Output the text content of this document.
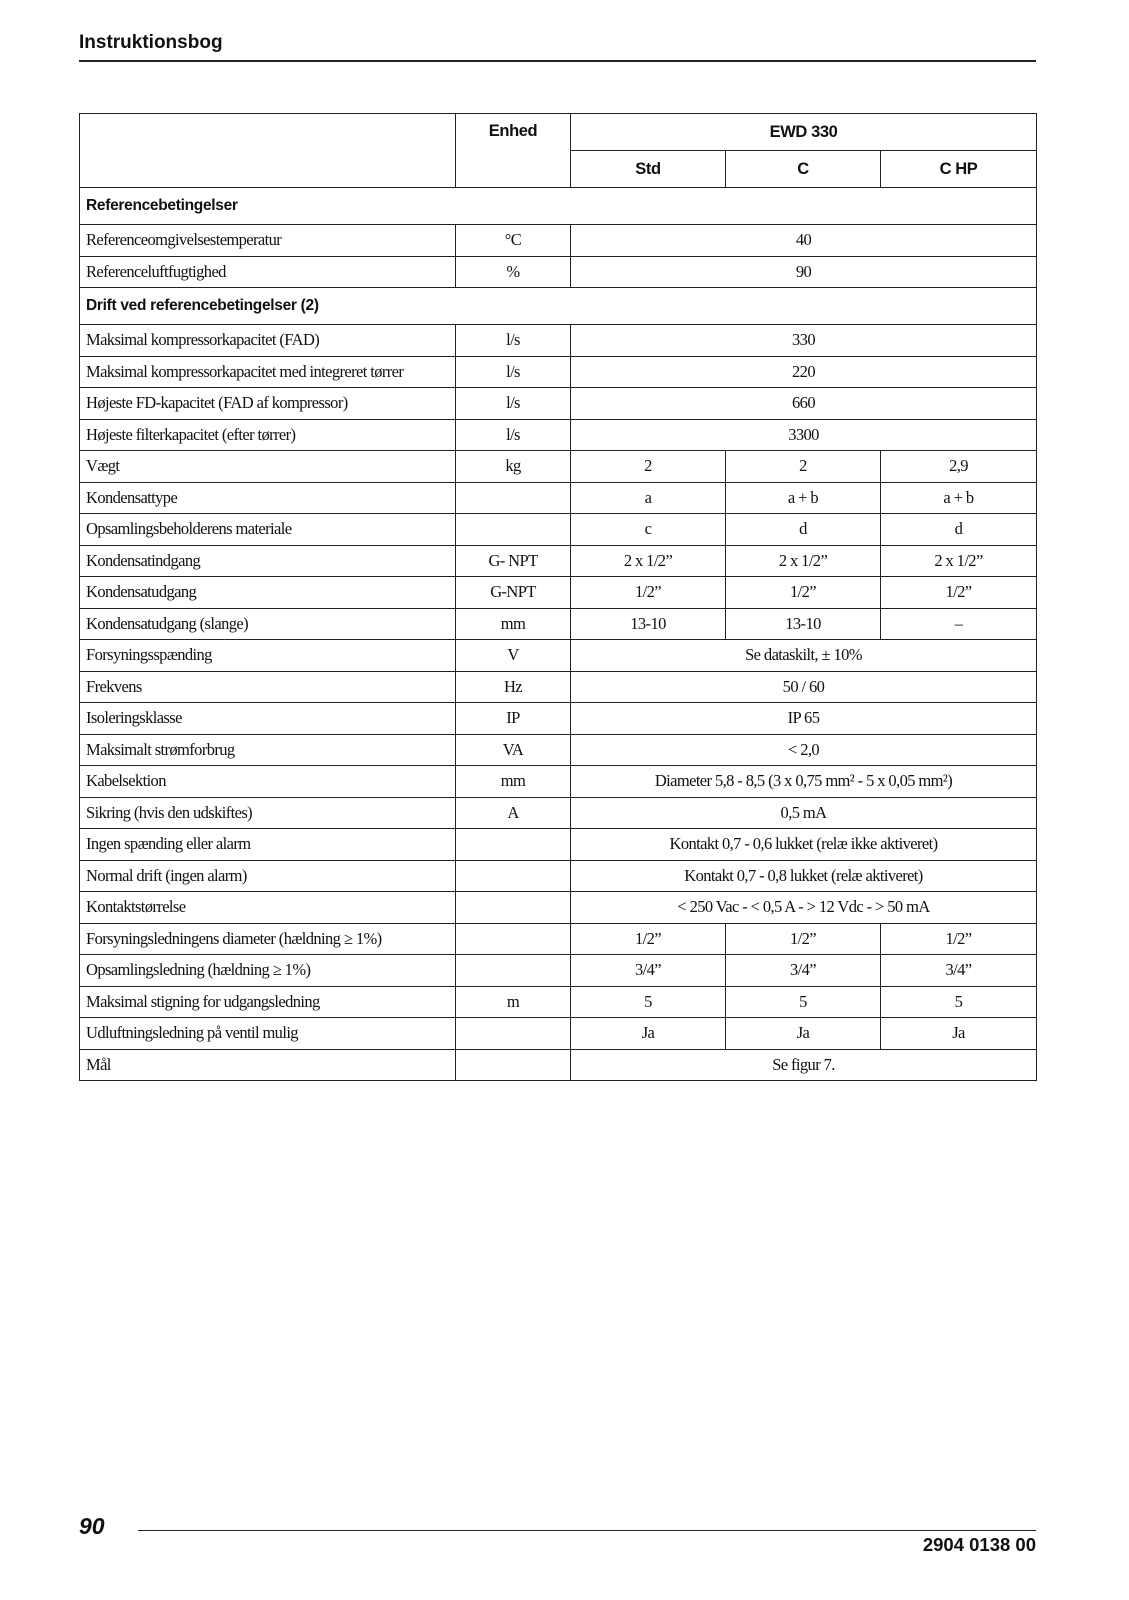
Instruktionsbog
	Enhed	EWD 330		
		Std	C	C HP
Referencebetingelser				
Referenceomgivelsestemperatur	°C	40		
Referenceluftfugtighed	%	90		
Drift ved referencebetingelser (2)				
Maksimal kompressorkapacitet (FAD)	l/s	330		
Maksimal kompressorkapacitet med integreret tørrer	l/s	220		
Højeste FD-kapacitet (FAD af kompressor)	l/s	660		
Højeste filterkapacitet (efter tørrer)	l/s	3300		
Vægt	kg	2	2	2,9
Kondensattype		a	a + b	a + b
Opsamlingsbeholderens materiale		c	d	d
Kondensatindgang	G- NPT	2 x 1/2”	2 x 1/2”	2 x 1/2”
Kondensatudgang	G-NPT	1/2”	1/2”	1/2”
Kondensatudgang (slange)	mm	13-10	13-10	–
Forsyningsspænding	V	Se dataskilt, ± 10%		
Frekvens	Hz	50 / 60		
Isoleringsklasse	IP	IP 65		
Maksimalt strømforbrug	VA	< 2,0		
Kabelsektion	mm	Diameter 5,8 - 8,5 (3 x 0,75 mm² - 5 x 0,05 mm²)		
Sikring (hvis den udskiftes)	A	0,5 mA		
Ingen spænding eller alarm		Kontakt 0,7 - 0,6 lukket (relæ ikke aktiveret)		
Normal drift (ingen alarm)		Kontakt 0,7 - 0,8 lukket (relæ aktiveret)		
Kontaktstørrelse		< 250 Vac - < 0,5 A - > 12 Vdc - > 50 mA		
Forsyningsledningens diameter (hældning ≥ 1%)		1/2”	1/2”	1/2”
Opsamlingsledning (hældning ≥ 1%)		3/4”	3/4”	3/4”
Maksimal stigning for udgangsledning	m	5	5	5
Udluftningsledning på ventil mulig		Ja	Ja	Ja
Mål		Se figur 7.		
90
2904 0138 00
